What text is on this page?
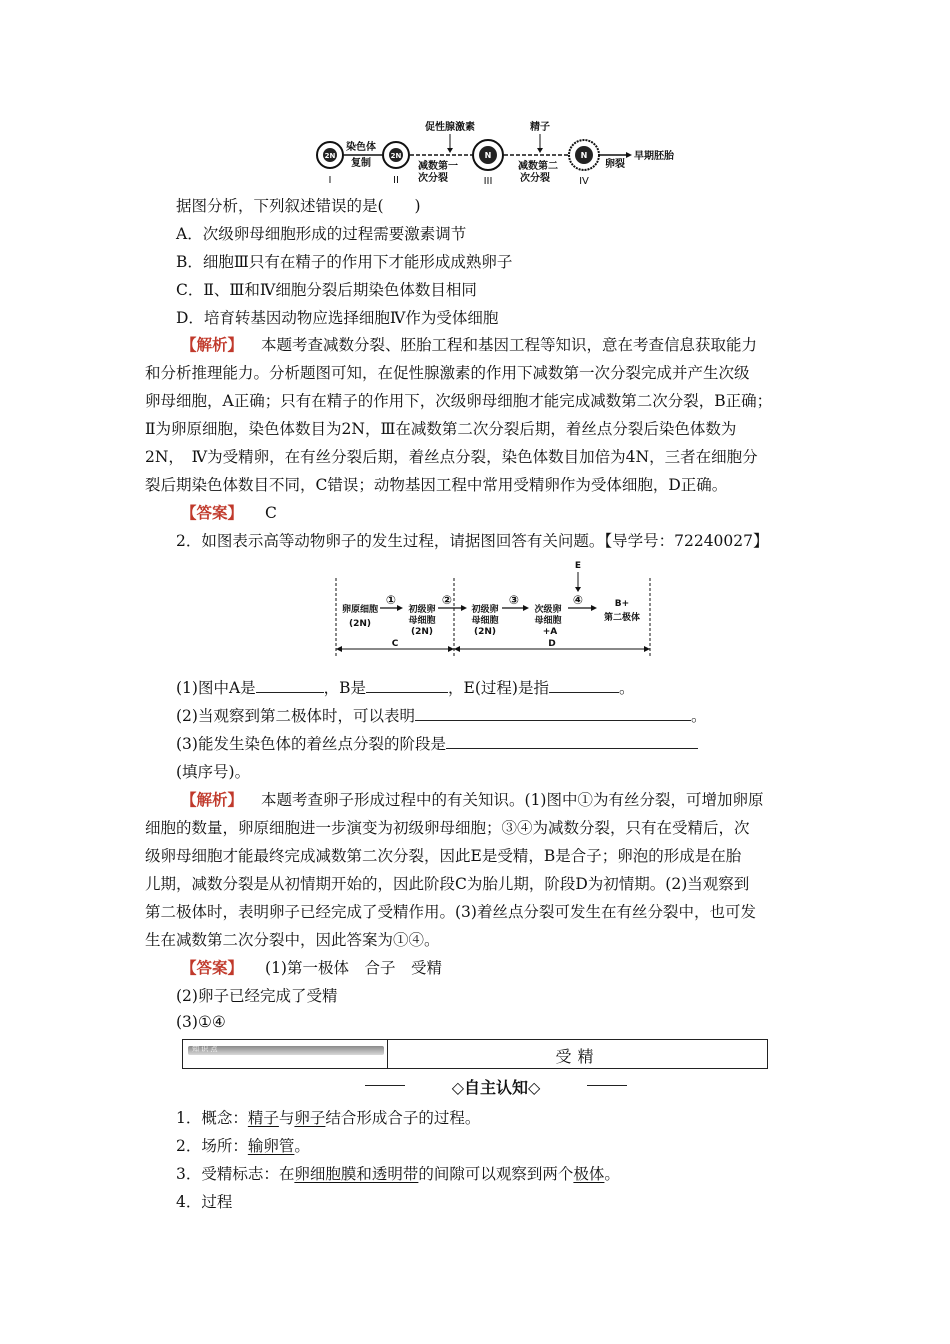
2N
I
染色体
复制
2N
II
促性腺激素
减数第一
次分裂
N
III
精子
减数第二
次分裂
N
IV
卵裂
早期胚胎
据图分析，下列叙述错误的是(　　)
A．次级卵母细胞形成的过程需要激素调节
B．细胞Ⅲ只有在精子的作用下才能形成成熟卵子
C．Ⅱ、Ⅲ和Ⅳ细胞分裂后期染色体数目相同
D．培育转基因动物应选择细胞Ⅳ作为受体细胞
【解析】 本题考查减数分裂、胚胎工程和基因工程等知识，意在考查信息获取能力
和分析推理能力。分析题图可知，在促性腺激素的作用下减数第一次分裂完成并产生次级
卵母细胞，A正确；只有在精子的作用下，次级卵母细胞才能完成减数第二次分裂，B正确；
Ⅱ为卵原细胞，染色体数目为2N，Ⅲ在减数第二次分裂后期，着丝点分裂后染色体数为
2N，　Ⅳ为受精卵，在有丝分裂后期，着丝点分裂，染色体数目加倍为4N，三者在细胞分
裂后期染色体数目不同，C错误；动物基因工程中常用受精卵作为受体细胞，D正确。
【答案】 C
2．如图表示高等动物卵子的发生过程，请据图回答有关问题。【导学号：72240027】
卵原细胞
(2N)
①
初级卵
母细胞
(2N)
②
初级卵
母细胞
(2N)
③
次级卵
母细胞
+A
E
④	B+
第二极体
C	D
(1)图中A是	，B是	，E(过程)是指	。
(2)当观察到第二极体时，可以表明	。
(3)能发生染色体的着丝点分裂的阶段是
(填序号)。
【解析】 本题考查卵子形成过程中的有关知识。(1)图中①为有丝分裂，可增加卵原
细胞的数量，卵原细胞进一步演变为初级卵母细胞；③④为减数分裂，只有在受精后，次
级卵母细胞才能最终完成减数第二次分裂，因此E是受精，B是合子；卵泡的形成是在胎
儿期，减数分裂是从初情期开始的，因此阶段C为胎儿期，阶段D为初情期。(2)当观察到
第二极体时，表明卵子已经完成了受精作用。(3)着丝点分裂可发生在有丝分裂中，也可发
生在减数第二次分裂中，因此答案为①④。
【答案】 (1)第一极体　合子　受精
(2)卵子已经完成了受精
(3)①④
知 识 点	受精
◇自主认知◇
1．概念：精子与卵子结合形成合子的过程。
2．场所：输卵管。
3．受精标志：在卵细胞膜和透明带的间隙可以观察到两个极体。
4．过程
